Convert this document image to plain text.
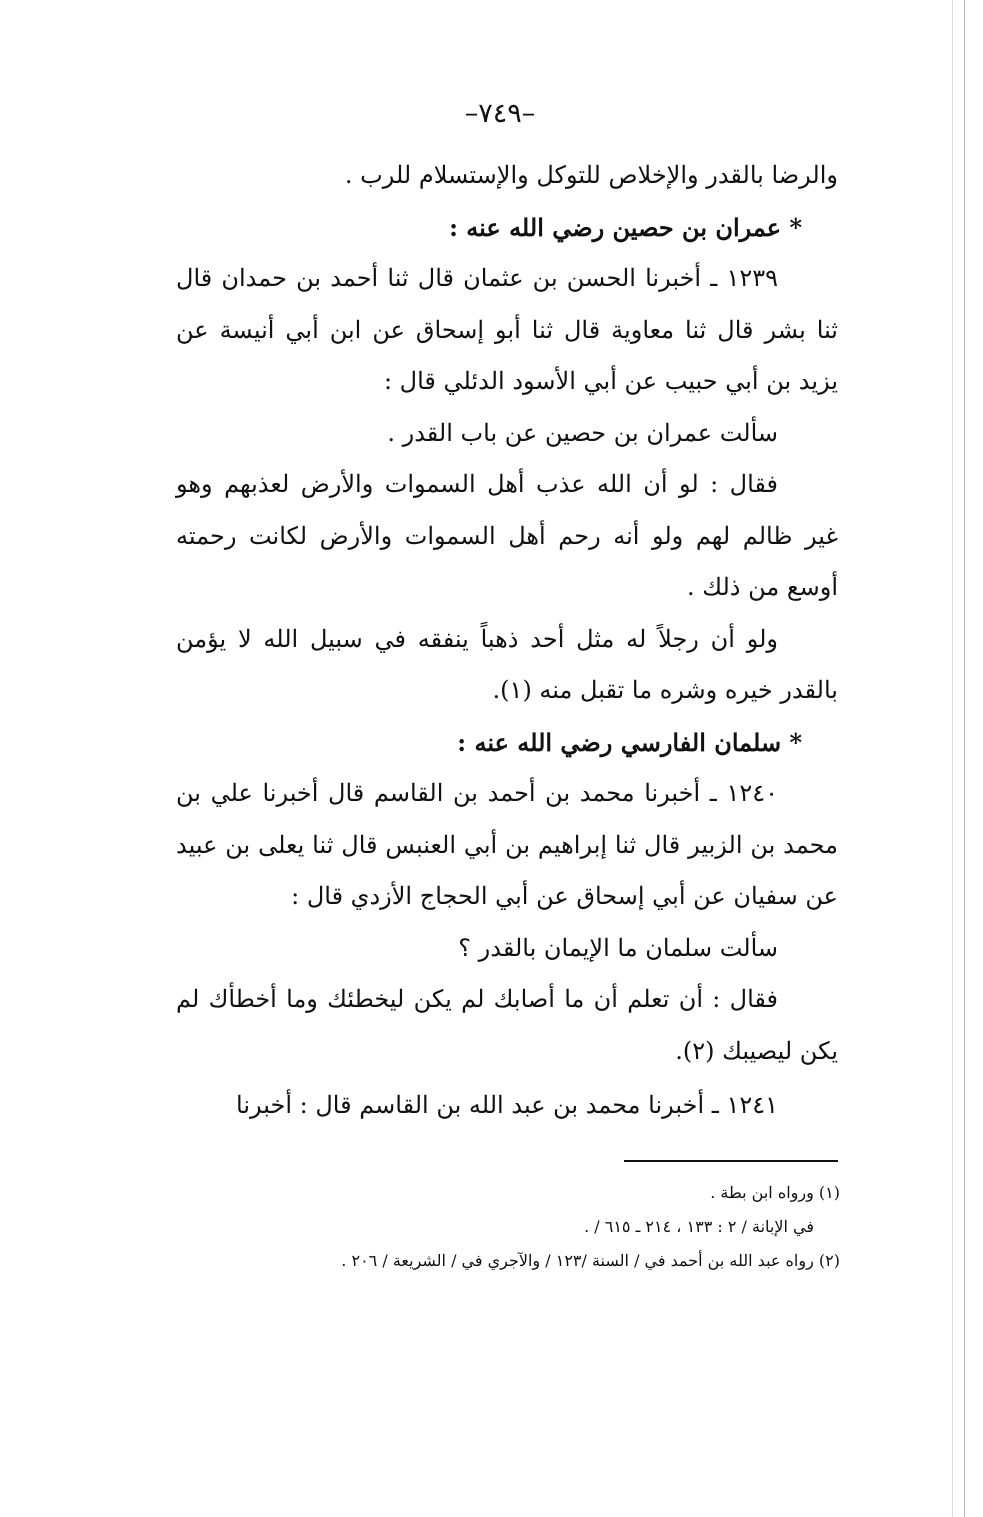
–٧٤٩–

والرضا بالقدر والإخلاص للتوكل والإستسلام للرب .

* عمران بن حصين رضي الله عنه :

١٢٣٩ ـ أخبرنا الحسن بن عثمان قال ثنا أحمد بن حمدان قال ثنا بشر قال ثنا معاوية قال ثنا أبو إسحاق عن ابن أبي أنيسة عن يزيد بن أبي حبيب عن أبي الأسود الدئلي قال :

سألت عمران بن حصين عن باب القدر .

فقال : لو أن الله عذب أهل السموات والأرض لعذبهم وهو غير ظالم لهم ولو أنه رحم أهل السموات والأرض لكانت رحمته أوسع من ذلك .

ولو أن رجلاً له مثل أحد ذهباً ينفقه في سبيل الله لا يؤمن بالقدر خيره وشره ما تقبل منه (١).

* سلمان الفارسي رضي الله عنه :

١٢٤٠ ـ أخبرنا محمد بن أحمد بن القاسم قال أخبرنا علي بن محمد بن الزبير قال ثنا إبراهيم بن أبي العنبس قال ثنا يعلى بن عبيد عن سفيان عن أبي إسحاق عن أبي الحجاج الأزدي قال :

سألت سلمان ما الإيمان بالقدر ؟

فقال : أن تعلم أن ما أصابك لم يكن ليخطئك وما أخطأك لم يكن ليصيبك (٢).

١٢٤١ ـ أخبرنا محمد بن عبد الله بن القاسم قال : أخبرنا

(١) ورواه ابن بطة .

في الإبانة / ٢ : ١٣٣ ، ٢١٤ ـ ٦١٥ / .

(٢) رواه عبد الله بن أحمد في / السنة /١٢٣ / والآجري في / الشريعة / ٢٠٦ .
